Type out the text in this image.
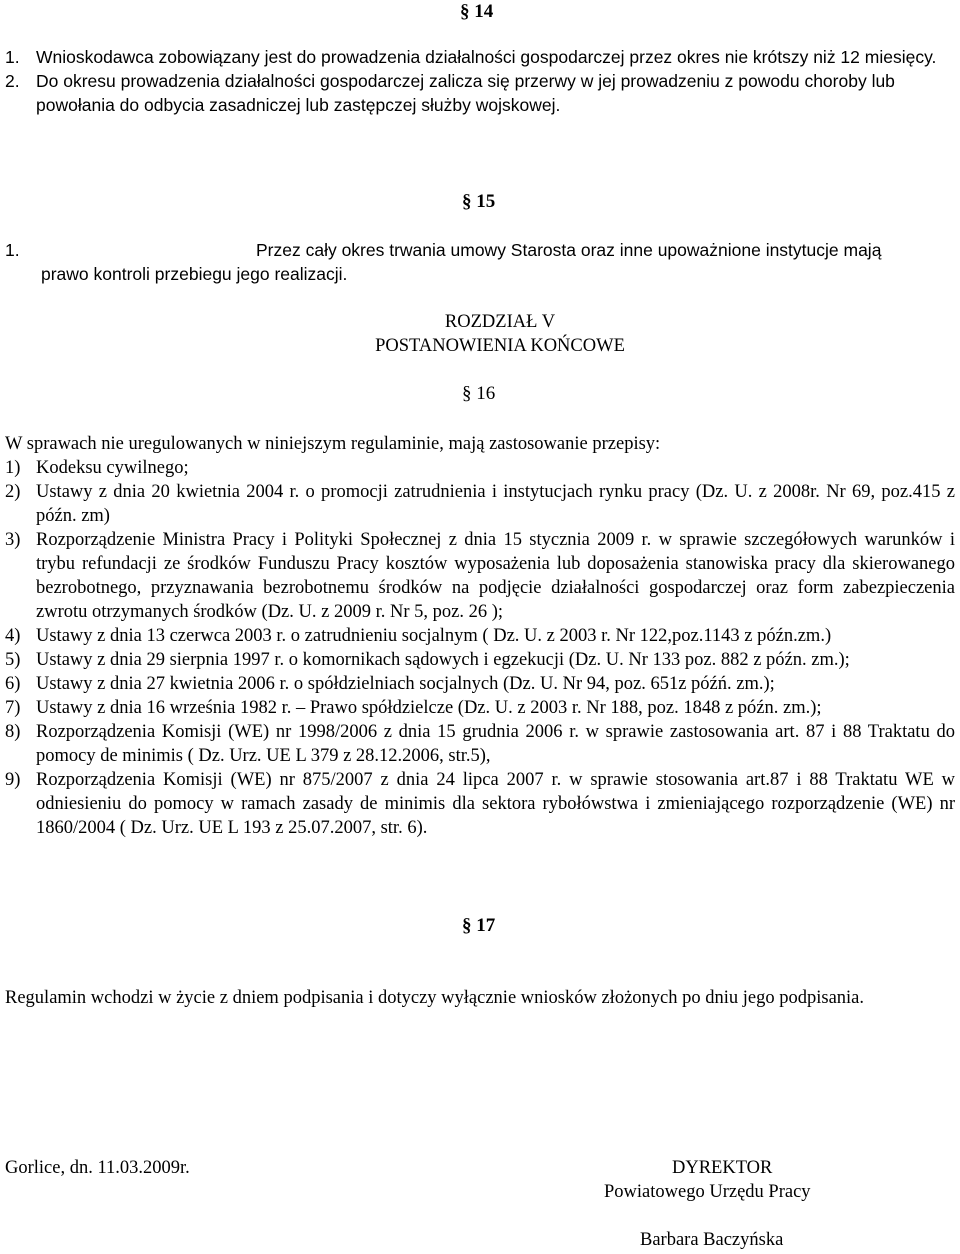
§ 14
1. Wnioskodawca zobowiązany jest do prowadzenia działalności gospodarczej przez okres nie krótszy niż 12 miesięcy.
2. Do okresu prowadzenia działalności gospodarczej zalicza się przerwy w jej prowadzeniu z powodu choroby lub powołania do odbycia zasadniczej lub zastępczej służby wojskowej.
§ 15
1.	Przez cały okres trwania umowy Starosta oraz inne upoważnione instytucje mają
prawo kontroli przebiegu jego realizacji.
ROZDZIAŁ V
POSTANOWIENIA KOŃCOWE
§ 16
W sprawach nie uregulowanych w niniejszym regulaminie, mają zastosowanie przepisy:
1) Kodeksu cywilnego;
2) Ustawy z dnia 20 kwietnia 2004 r. o promocji zatrudnienia i instytucjach rynku pracy (Dz. U. z 2008r. Nr 69, poz.415 z późn. zm)
3) Rozporządzenie Ministra Pracy i Polityki Społecznej z dnia 15 stycznia 2009 r. w sprawie szczegółowych warunków i trybu refundacji ze środków Funduszu Pracy kosztów wyposażenia lub doposażenia stanowiska pracy dla skierowanego bezrobotnego, przyznawania bezrobotnemu środków na podjęcie działalności gospodarczej oraz form zabezpieczenia zwrotu otrzymanych środków (Dz. U. z 2009 r. Nr 5, poz. 26 );
4) Ustawy z dnia 13 czerwca 2003 r. o zatrudnieniu socjalnym ( Dz. U. z 2003 r. Nr 122,poz.1143 z późn.zm.)
5) Ustawy z dnia 29 sierpnia 1997 r. o komornikach sądowych i egzekucji (Dz. U. Nr 133 poz. 882 z późn. zm.);
6) Ustawy z dnia 27 kwietnia 2006 r. o spółdzielniach socjalnych (Dz. U. Nr 94, poz. 651z późń. zm.);
7) Ustawy z dnia 16 września 1982 r. – Prawo spółdzielcze (Dz. U. z 2003 r. Nr 188, poz. 1848 z późn. zm.);
8) Rozporządzenia Komisji (WE) nr 1998/2006 z dnia 15 grudnia 2006 r. w sprawie zastosowania art. 87 i 88 Traktatu do pomocy de minimis ( Dz. Urz. UE L 379 z 28.12.2006, str.5),
9) Rozporządzenia Komisji (WE) nr 875/2007 z dnia 24 lipca 2007 r. w sprawie stosowania art.87 i 88 Traktatu WE w odniesieniu do pomocy w ramach zasady de minimis dla sektora rybołówstwa i zmieniającego rozporządzenie (WE) nr 1860/2004 ( Dz. Urz. UE L 193 z 25.07.2007, str. 6).
§ 17
Regulamin wchodzi w życie z dniem podpisania i dotyczy wyłącznie wniosków złożonych po dniu jego podpisania.
Gorlice, dn. 11.03.2009r.	DYREKTOR
Powiatowego Urzędu Pracy
Barbara Baczyńska
